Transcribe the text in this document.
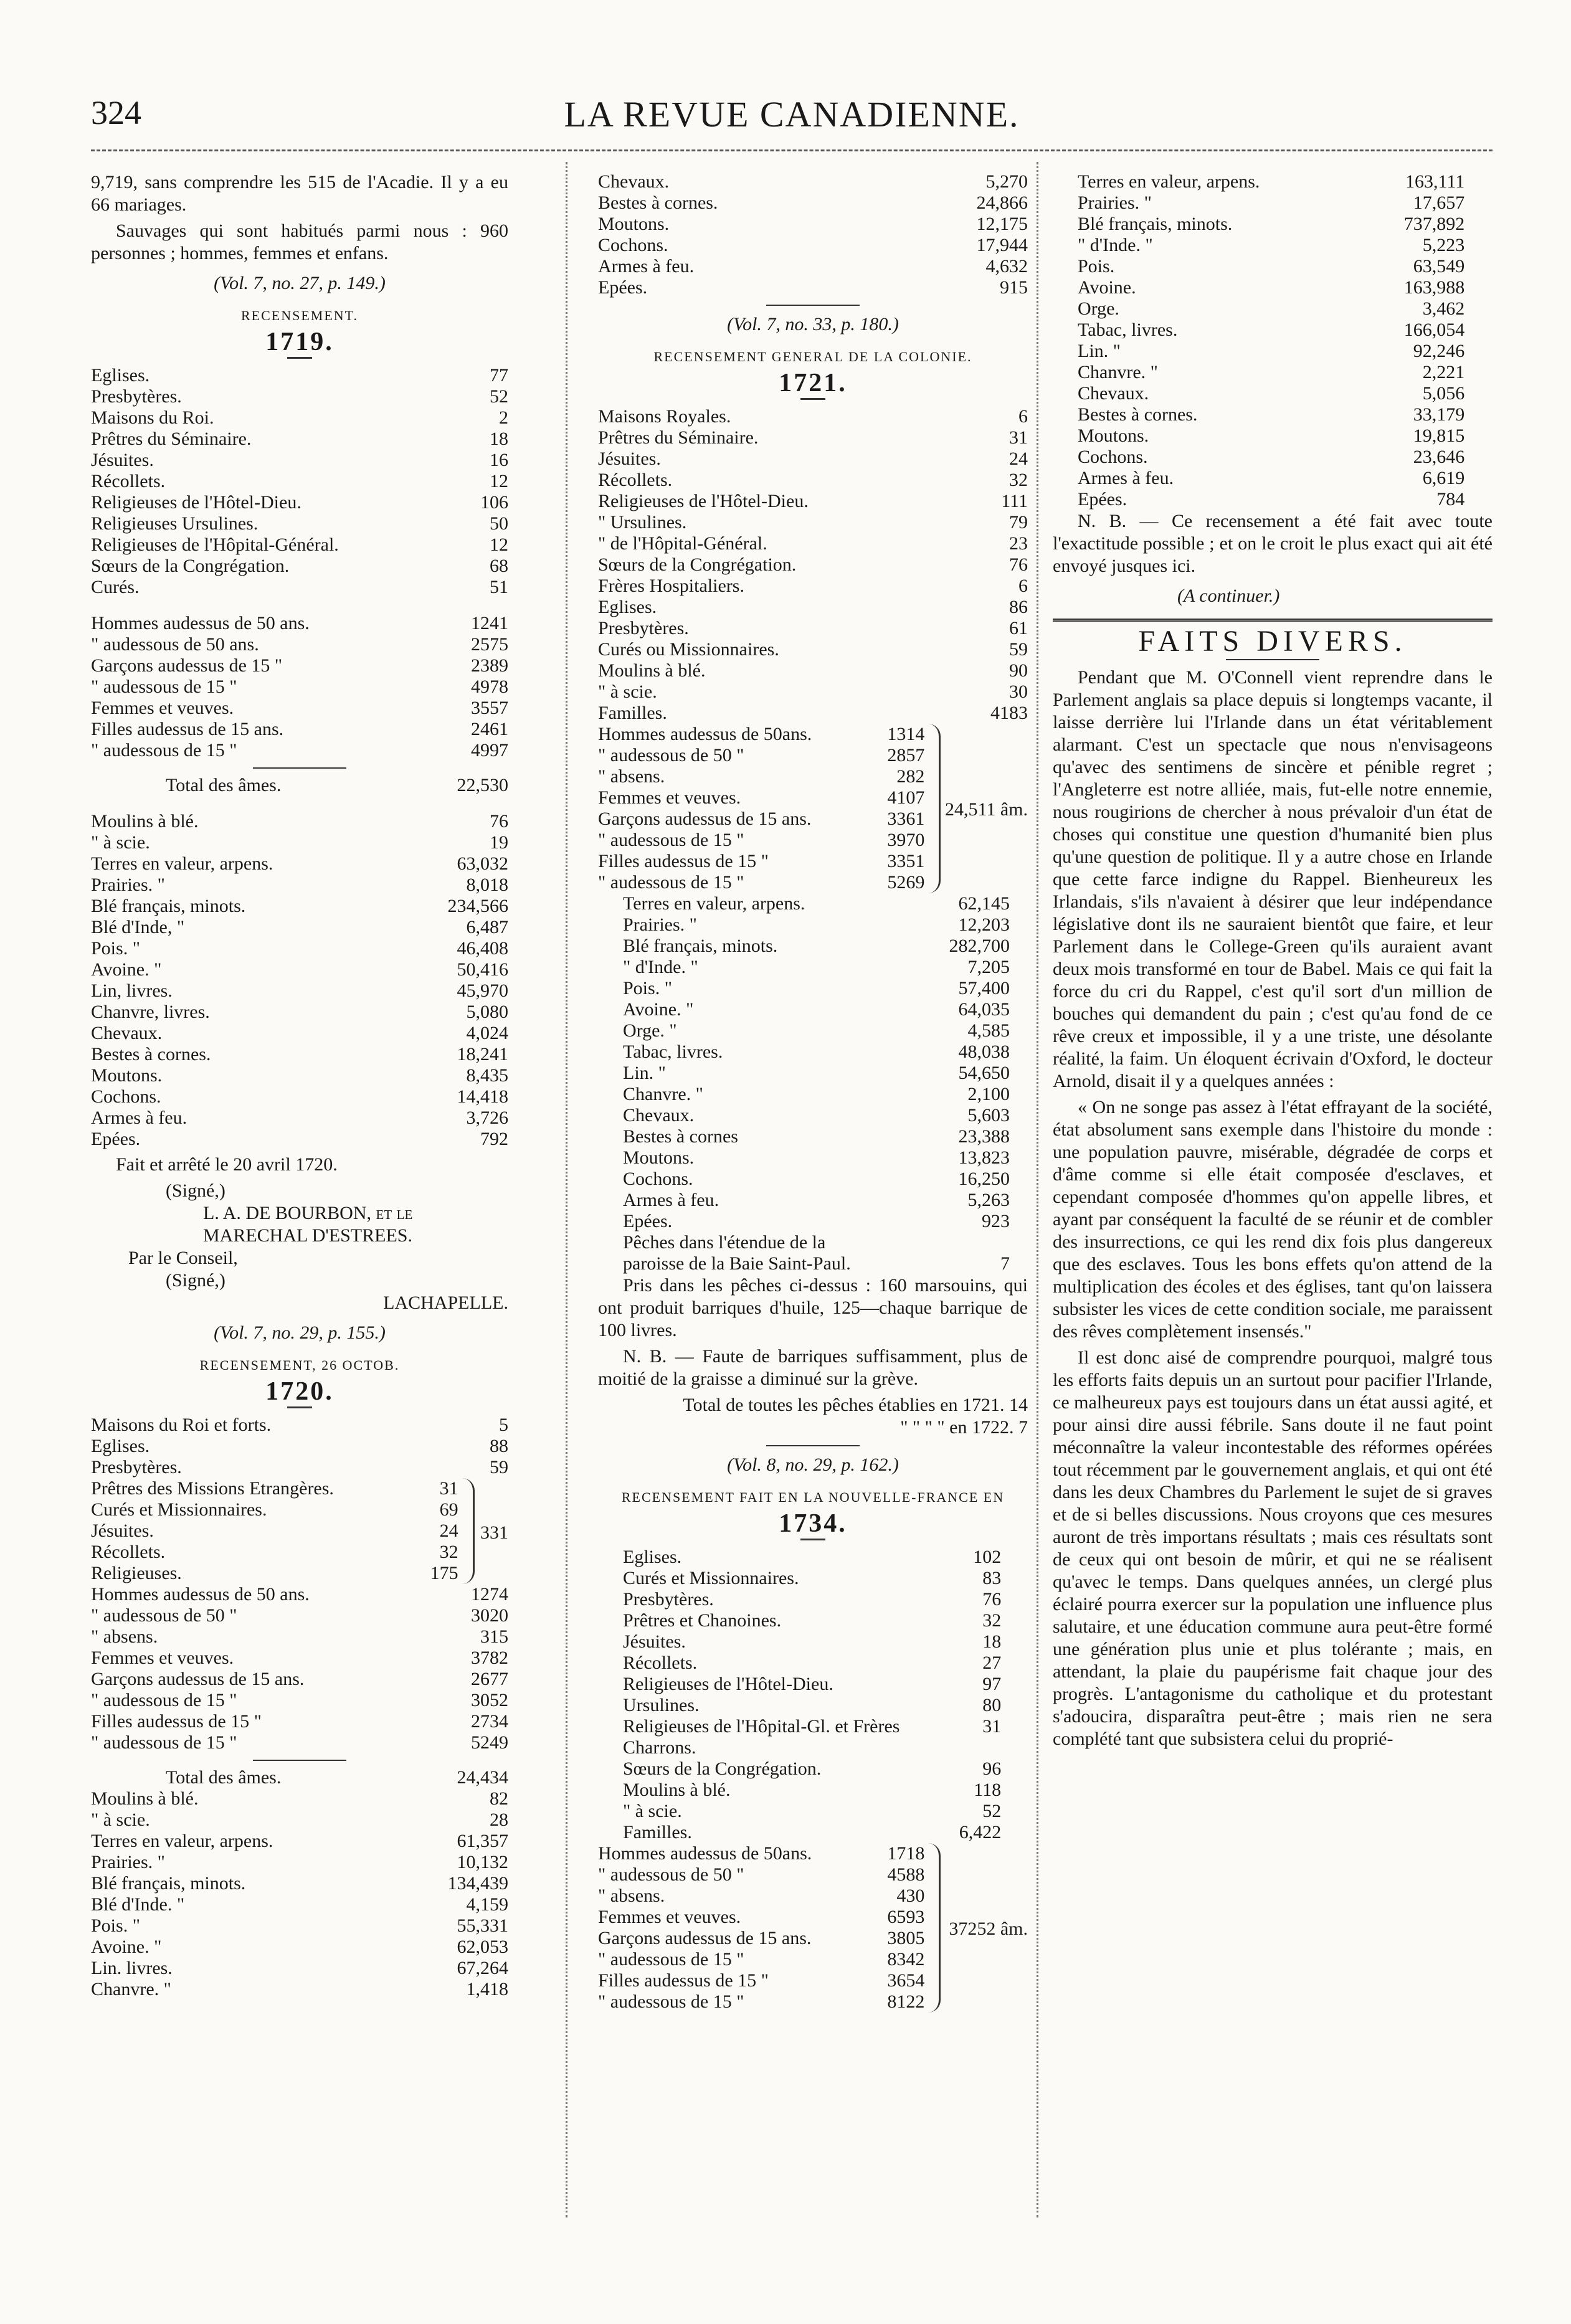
324	LA REVUE CANADIENNE.

9,719, sans comprendre les 515 de l'Acadie. Il y a eu 66 mariages.

Sauvages qui sont habitués parmi nous : 960 personnes ; hommes, femmes et enfans.

(Vol. 7, no. 27, p. 149.)
RECENSEMENT.
1719.
Eglises.	77
Presbytères.	52
Maisons du Roi.	2
Prêtres du Séminaire.	18
Jésuites.	16
Récollets.	12
Religieuses de l'Hôtel-Dieu.	106
Religieuses Ursulines.	50
Religieuses de l'Hôpital-Général.	12
Sœurs de la Congrégation.	68
Curés.	51
Hommes audessus de 50 ans.	1241
" audessous de 50 ans.	2575
Garçons audessus de 15 "	2389
" audessous de 15 "	4978
Femmes et veuves.	3557
Filles audessus de 15 ans.	2461
" audessous de 15 "	4997
Total des âmes.	22,530
Moulins à blé.	76
" à scie.	19
Terres en valeur, arpens.	63,032
Prairies. "	8,018
Blé français, minots.	234,566
Blé d'Inde, "	6,487
Pois. "	46,408
Avoine. "	50,416
Lin, livres.	45,970
Chanvre, livres.	5,080
Chevaux.	4,024
Bestes à cornes.	18,241
Moutons.	8,435
Cochons.	14,418
Armes à feu.	3,726
Epées.	792

Fait et arrêté le 20 avril 1720.

(Signé,)
L. A. DE BOURBON, et le MARECHAL D'ESTREES.
Par le Conseil,
(Signé,)
LACHAPELLE.
(Vol. 7, no. 29, p. 155.)
RECENSEMENT, 26 OCTOB.
1720.
Maisons du Roi et forts.	5
Eglises.	88
Presbytères.	59
Prêtres des Missions Etrangères.	31
Curés et Missionnaires.	69
Jésuites.	24
Récollets.	32
Religieuses.	175
331
Hommes audessus de 50 ans.	1274
" audessous de 50 "	3020
" absens.	315
Femmes et veuves.	3782
Garçons audessus de 15 ans.	2677
" audessous de 15 "	3052
Filles audessus de 15 "	2734
" audessous de 15 "	5249
Total des âmes.	24,434
Moulins à blé.	82
" à scie.	28
Terres en valeur, arpens.	61,357
Prairies. "	10,132
Blé français, minots.	134,439
Blé d'Inde. "	4,159
Pois. "	55,331
Avoine. "	62,053
Lin. livres.	67,264
Chanvre. "	1,418
Chevaux.	5,270
Bestes à cornes.	24,866
Moutons.	12,175
Cochons.	17,944
Armes à feu.	4,632
Epées.	915
(Vol. 7, no. 33, p. 180.)
RECENSEMENT GENERAL DE LA COLONIE.
1721.
Maisons Royales.	6
Prêtres du Séminaire.	31
Jésuites.	24
Récollets.	32
Religieuses de l'Hôtel-Dieu.	111
" Ursulines.	79
" de l'Hôpital-Général.	23
Sœurs de la Congrégation.	76
Frères Hospitaliers.	6
Eglises.	86
Presbytères.	61
Curés ou Missionnaires.	59
Moulins à blé.	90
" à scie.	30
Familles.	4183
Hommes audessus de 50ans.	1314
" audessous de 50 "	2857
" absens.	282
Femmes et veuves.	4107
Garçons audessus de 15 ans.	3361
" audessous de 15 "	3970
Filles audessus de 15 "	3351
" audessous de 15 "	5269
24,511 âm.
Terres en valeur, arpens.	62,145
Prairies. "	12,203
Blé français, minots.	282,700
" d'Inde. "	7,205
Pois. "	57,400
Avoine. "	64,035
Orge. "	4,585
Tabac, livres.	48,038
Lin. "	54,650
Chanvre. "	2,100
Chevaux.	5,603
Bestes à cornes	23,388
Moutons.	13,823
Cochons.	16,250
Armes à feu.	5,263
Epées.	923
Pêches dans l'étendue de la paroisse de la Baie Saint-Paul.	7

Pris dans les pêches ci-dessus : 160 marsouins, qui ont produit barriques d'huile, 125—chaque barrique de 100 livres.

N. B. — Faute de barriques suffisamment, plus de moitié de la graisse a diminué sur la grève.

Total de toutes les pêches établies en 1721. 14
" " " " en 1722. 7
(Vol. 8, no. 29, p. 162.)
RECENSEMENT FAIT EN LA NOUVELLE-FRANCE EN
1734.
Eglises.	102
Curés et Missionnaires.	83
Presbytères.	76
Prêtres et Chanoines.	32
Jésuites.	18
Récollets.	27
Religieuses de l'Hôtel-Dieu.	97
Ursulines.	80
Religieuses de l'Hôpital-Gl. et Frères Charrons.	31
Sœurs de la Congrégation.	96
Moulins à blé.	118
" à scie.	52
Familles.	6,422
Hommes audessus de 50ans.	1718
" audessous de 50 "	4588
" absens.	430
Femmes et veuves.	6593
Garçons audessus de 15 ans.	3805
" audessous de 15 "	8342
Filles audessus de 15 "	3654
" audessous de 15 "	8122
37252 âm.
Terres en valeur, arpens.	163,111
Prairies. "	17,657
Blé français, minots.	737,892
" d'Inde. "	5,223
Pois.	63,549
Avoine.	163,988
Orge.	3,462
Tabac, livres.	166,054
Lin. "	92,246
Chanvre. "	2,221
Chevaux.	5,056
Bestes à cornes.	33,179
Moutons.	19,815
Cochons.	23,646
Armes à feu.	6,619
Epées.	784

N. B. — Ce recensement a été fait avec toute l'exactitude possible ; et on le croit le plus exact qui ait été envoyé jusques ici.

(A continuer.)
FAITS DIVERS.

Pendant que M. O'Connell vient reprendre dans le Parlement anglais sa place depuis si longtemps vacante, il laisse derrière lui l'Irlande dans un état véritablement alarmant. C'est un spectacle que nous n'envisageons qu'avec des sentimens de sincère et pénible regret ; l'Angleterre est notre alliée, mais, fut-elle notre ennemie, nous rougirions de chercher à nous prévaloir d'un état de choses qui constitue une question d'humanité bien plus qu'une question de politique. Il y a autre chose en Irlande que cette farce indigne du Rappel. Bienheureux les Irlandais, s'ils n'avaient à désirer que leur indépendance législative dont ils ne sauraient bientôt que faire, et leur Parlement dans le College-Green qu'ils auraient avant deux mois transformé en tour de Babel. Mais ce qui fait la force du cri du Rappel, c'est qu'il sort d'un million de bouches qui demandent du pain ; c'est qu'au fond de ce rêve creux et impossible, il y a une triste, une désolante réalité, la faim. Un éloquent écrivain d'Oxford, le docteur Arnold, disait il y a quelques années :

« On ne songe pas assez à l'état effrayant de la société, état absolument sans exemple dans l'histoire du monde : une population pauvre, misérable, dégradée de corps et d'âme comme si elle était composée d'esclaves, et cependant composée d'hommes qu'on appelle libres, et ayant par conséquent la faculté de se réunir et de combler des insurrections, ce qui les rend dix fois plus dangereux que des esclaves. Tous les bons effets qu'on attend de la multiplication des écoles et des églises, tant qu'on laissera subsister les vices de cette condition sociale, me paraissent des rêves complètement insensés."

Il est donc aisé de comprendre pourquoi, malgré tous les efforts faits depuis un an surtout pour pacifier l'Irlande, ce malheureux pays est toujours dans un état aussi agité, et pour ainsi dire aussi fébrile. Sans doute il ne faut point méconnaître la valeur incontestable des réformes opérées tout récemment par le gouvernement anglais, et qui ont été dans les deux Chambres du Parlement le sujet de si graves et de si belles discussions. Nous croyons que ces mesures auront de très importans résultats ; mais ces résultats sont de ceux qui ont besoin de mûrir, et qui ne se réalisent qu'avec le temps. Dans quelques années, un clergé plus éclairé pourra exercer sur la population une influence plus salutaire, et une éducation commune aura peut-être formé une génération plus unie et plus tolérante ; mais, en attendant, la plaie du paupérisme fait chaque jour des progrès. L'antagonisme du catholique et du protestant s'adoucira, disparaîtra peut-être ; mais rien ne sera complété tant que subsistera celui du proprié-
